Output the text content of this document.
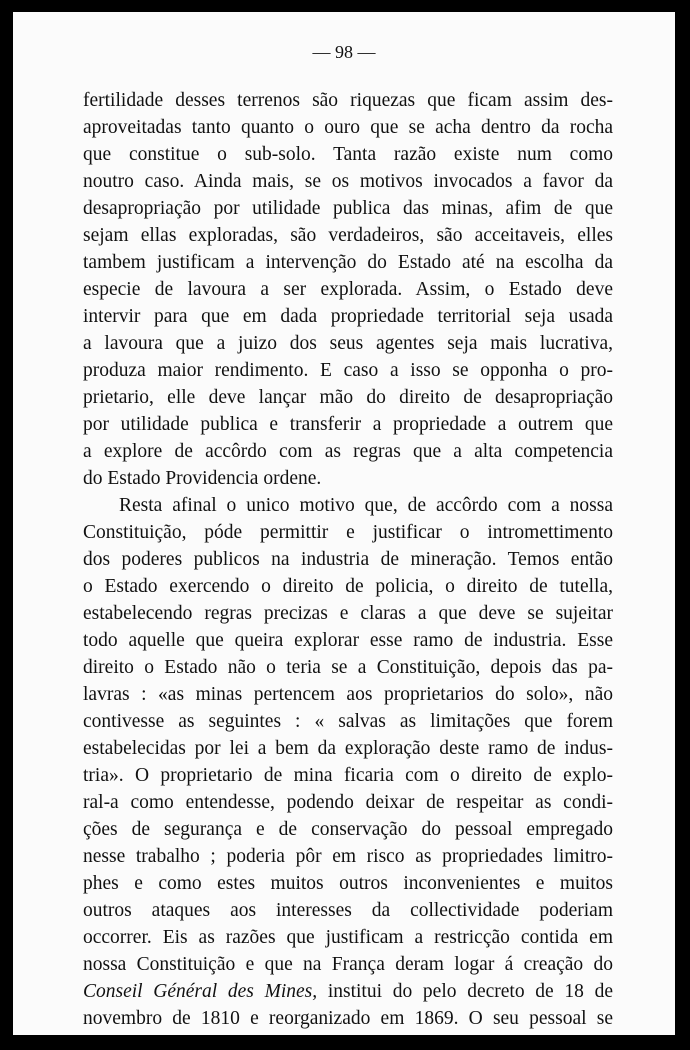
— 98 —
fertilidade desses terrenos são riquezas que ficam assim des-
aproveitadas tanto quanto o ouro que se acha dentro da rocha
que constitue o sub-solo. Tanta razão existe num como
noutro caso. Ainda mais, se os motivos invocados a favor da
desapropriação por utilidade publica das minas, afim de que
sejam ellas exploradas, são verdadeiros, são acceitaveis, elles
tambem justificam a intervenção do Estado até na escolha da
especie de lavoura a ser explorada. Assim, o Estado deve
intervir para que em dada propriedade territorial seja usada
a lavoura que a juizo dos seus agentes seja mais lucrativa,
produza maior rendimento. E caso a isso se opponha o pro-
prietario, elle deve lançar mão do direito de desapropriação
por utilidade publica e transferir a propriedade a outrem que
a explore de accôrdo com as regras que a alta competencia
do Estado Providencia ordene.
Resta afinal o unico motivo que, de accôrdo com a nossa
Constituição, póde permittir e justificar o intromettimento
dos poderes publicos na industria de mineração. Temos então
o Estado exercendo o direito de policia, o direito de tutella,
estabelecendo regras precizas e claras a que deve se sujeitar
todo aquelle que queira explorar esse ramo de industria. Esse
direito o Estado não o teria se a Constituição, depois das pa-
lavras : «as minas pertencem aos proprietarios do solo», não
contivesse as seguintes : « salvas as limitações que forem
estabelecidas por lei a bem da exploração deste ramo de indus-
tria». O proprietario de mina ficaria com o direito de explo-
ral-a como entendesse, podendo deixar de respeitar as condi-
ções de segurança e de conservação do pessoal empregado
nesse trabalho ; poderia pôr em risco as propriedades limitro-
phes e como estes muitos outros inconvenientes e muitos
outros ataques aos interesses da collectividade poderiam
occorrer. Eis as razões que justificam a restricção contida em
nossa Constituição e que na França deram logar á creação do
Conseil Général des Mines, institui do pelo decreto de 18 de
novembro de 1810 e reorganizado em 1869. O seu pessoal se
